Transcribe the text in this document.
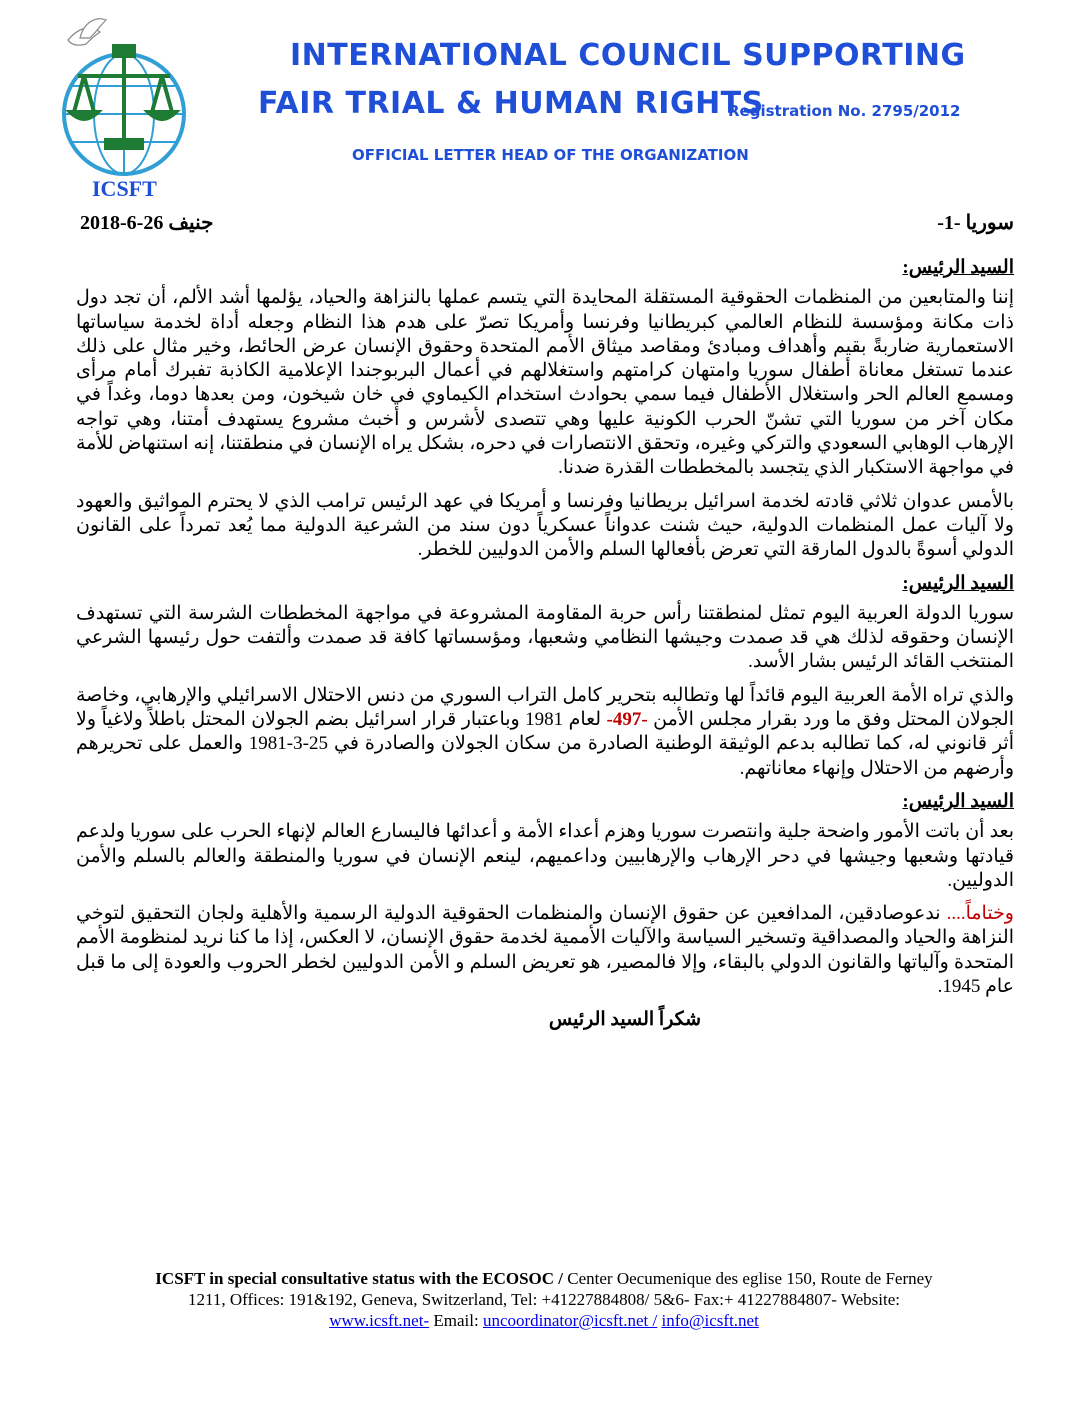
ICSFT
INTERNATIONAL COUNCIL SUPPORTING
FAIR TRIAL & HUMAN RIGHTS
Registration No. 2795/2012
OFFICIAL LETTER HEAD OF THE ORGANIZATION
سوريا -1-
جنيف 26-6-2018

السيد الرئيس:

إننا والمتابعين من المنظمات الحقوقية المستقلة المحايدة التي يتسم عملها بالنزاهة والحياد، يؤلمها أشد الألم، أن تجد دول ذات مكانة ومؤسسة للنظام العالمي كبريطانيا وفرنسا وأمريكا تصرّ على هدم هذا النظام وجعله أداة لخدمة سياساتها الاستعمارية ضاربةً بقيم وأهداف ومبادئ ومقاصد ميثاق الأمم المتحدة وحقوق الإنسان عرض الحائط، وخير مثال على ذلك عندما تستغل معاناة أطفال سوريا وامتهان كرامتهم واستغلالهم في أعمال البربوجندا الإعلامية الكاذبة تفبرك أمام مرأى ومسمع العالم الحر واستغلال الأطفال فيما سمي بحوادث استخدام الكيماوي في خان شيخون، ومن بعدها دوما، وغداً في مكان آخر من سوريا التي تشنّ الحرب الكونية عليها وهي تتصدى لأشرس و أخبث مشروع يستهدف أمتنا، وهي تواجه الإرهاب الوهابي السعودي والتركي وغيره، وتحقق الانتصارات في دحره، بشكل يراه الإنسان في منطقتنا، إنه استنهاض للأمة في مواجهة الاستكبار الذي يتجسد بالمخططات القذرة ضدنا.

بالأمس عدوان ثلاثي قادته لخدمة اسرائيل بريطانيا وفرنسا و أمريكا في عهد الرئيس ترامب الذي لا يحترم المواثيق والعهود ولا آليات عمل المنظمات الدولية، حيث شنت عدواناً عسكرياً دون سند من الشرعية الدولية مما يُعد تمرداً على القانون الدولي أسوةً بالدول المارقة التي تعرض بأفعالها السلم والأمن الدوليين للخطر.

السيد الرئيس:

سوريا الدولة العربية اليوم تمثل لمنطقتنا رأس حربة المقاومة المشروعة في مواجهة المخططات الشرسة التي تستهدف الإنسان وحقوقه لذلك هي قد صمدت وجيشها النظامي وشعبها، ومؤسساتها كافة قد صمدت وألتفت حول رئيسها الشرعي المنتخب القائد الرئيس بشار الأسد.

والذي تراه الأمة العربية اليوم قائداً لها وتطالبه بتحرير كامل التراب السوري من دنس الاحتلال الاسرائيلي والإرهابي، وخاصة الجولان المحتل وفق ما ورد بقرار مجلس الأمن -497- لعام 1981 وباعتبار قرار اسرائيل بضم الجولان المحتل باطلاً ولاغياً ولا أثر قانوني له، كما تطالبه بدعم الوثيقة الوطنية الصادرة من سكان الجولان والصادرة في 25-3-1981 والعمل على تحريرهم وأرضهم من الاحتلال وإنهاء معاناتهم.

السيد الرئيس:

بعد أن باتت الأمور واضحة جلية وانتصرت سوريا وهزم أعداء الأمة و أعدائها فاليسارع العالم لإنهاء الحرب على سوريا ولدعم قيادتها وشعبها وجيشها في دحر الإرهاب والإرهابيين وداعميهم، لينعم الإنسان في سوريا والمنطقة والعالم بالسلم والأمن الدوليين.

وختاماً.... ندعوصادقين، المدافعين عن حقوق الإنسان والمنظمات الحقوقية الدولية الرسمية والأهلية ولجان التحقيق لتوخي النزاهة والحياد والمصداقية وتسخير السياسة والآليات الأممية لخدمة حقوق الإنسان، لا العكس، إذا ما كنا نريد لمنظومة الأمم المتحدة وآلياتها والقانون الدولي بالبقاء، وإلا فالمصير، هو تعريض السلم و الأمن الدوليين لخطر الحروب والعودة إلى ما قبل عام 1945.

شكراً السيد الرئيس

ICSFT in special consultative status with the ECOSOC / Center Oecumenique des eglise 150, Route de Ferney
1211, Offices: 191&192, Geneva, Switzerland, Tel: +41227884808/ 5&6- Fax:+ 41227884807- Website:
www.icsft.net- Email: uncoordinator@icsft.net / info@icsft.net
